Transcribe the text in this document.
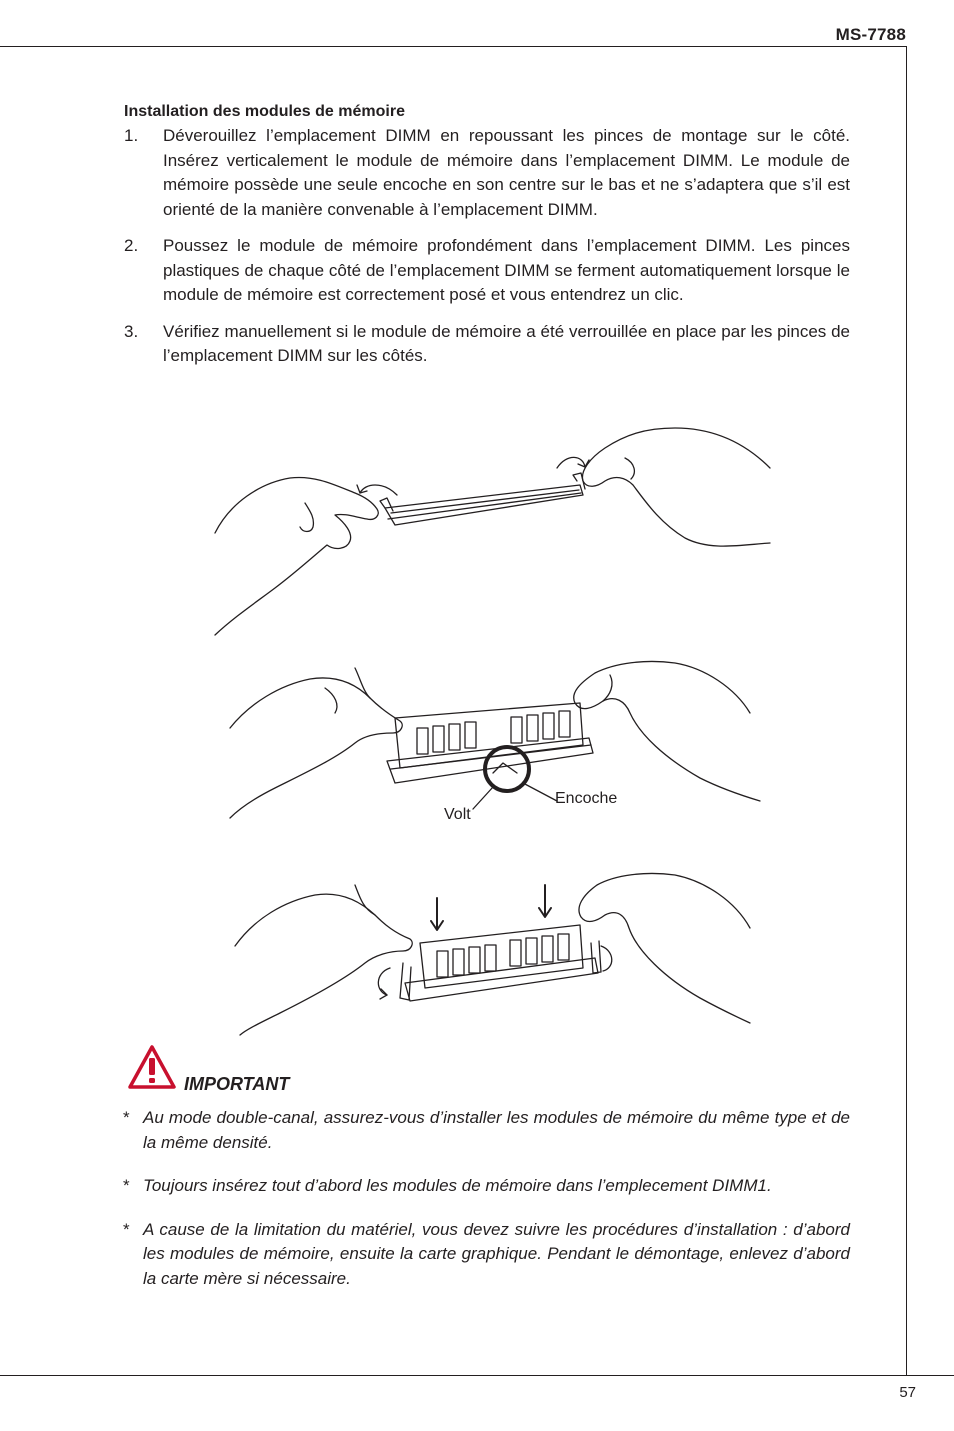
MS-7788
Installation des modules de mémoire
1.	Déverouillez l’emplacement DIMM en repoussant les pinces de montage sur le côté. Insérez verticalement le module de mémoire dans l’emplacement DIMM. Le module de mémoire possède une seule encoche en son centre sur le bas et ne s’adaptera que s’il est orienté de la manière convenable à l’emplacement DIMM.
2.	Poussez le module de mémoire profondément dans l’emplacement DIMM. Les pinces plastiques de chaque côté de l’emplacement DIMM se ferment automatiquement lorsque le module de mémoire est correctement posé et vous entendrez un clic.
3.	Vérifiez manuellement si le module de mémoire a été verrouillée en place par les pinces de l’emplacement DIMM sur les côtés.
Encoche
Volt
IMPORTANT
* Au mode double-canal, assurez-vous d’installer les modules de mémoire du même type et de la même densité.
* Toujours insérez tout d’abord les modules de mémoire dans l’emplecement DIMM1.
* A cause de la limitation du matériel, vous devez suivre les procédures d’installation : d’abord les modules de mémoire, ensuite la carte graphique. Pendant le démontage, enlevez d’abord la carte mère si nécessaire.
57
